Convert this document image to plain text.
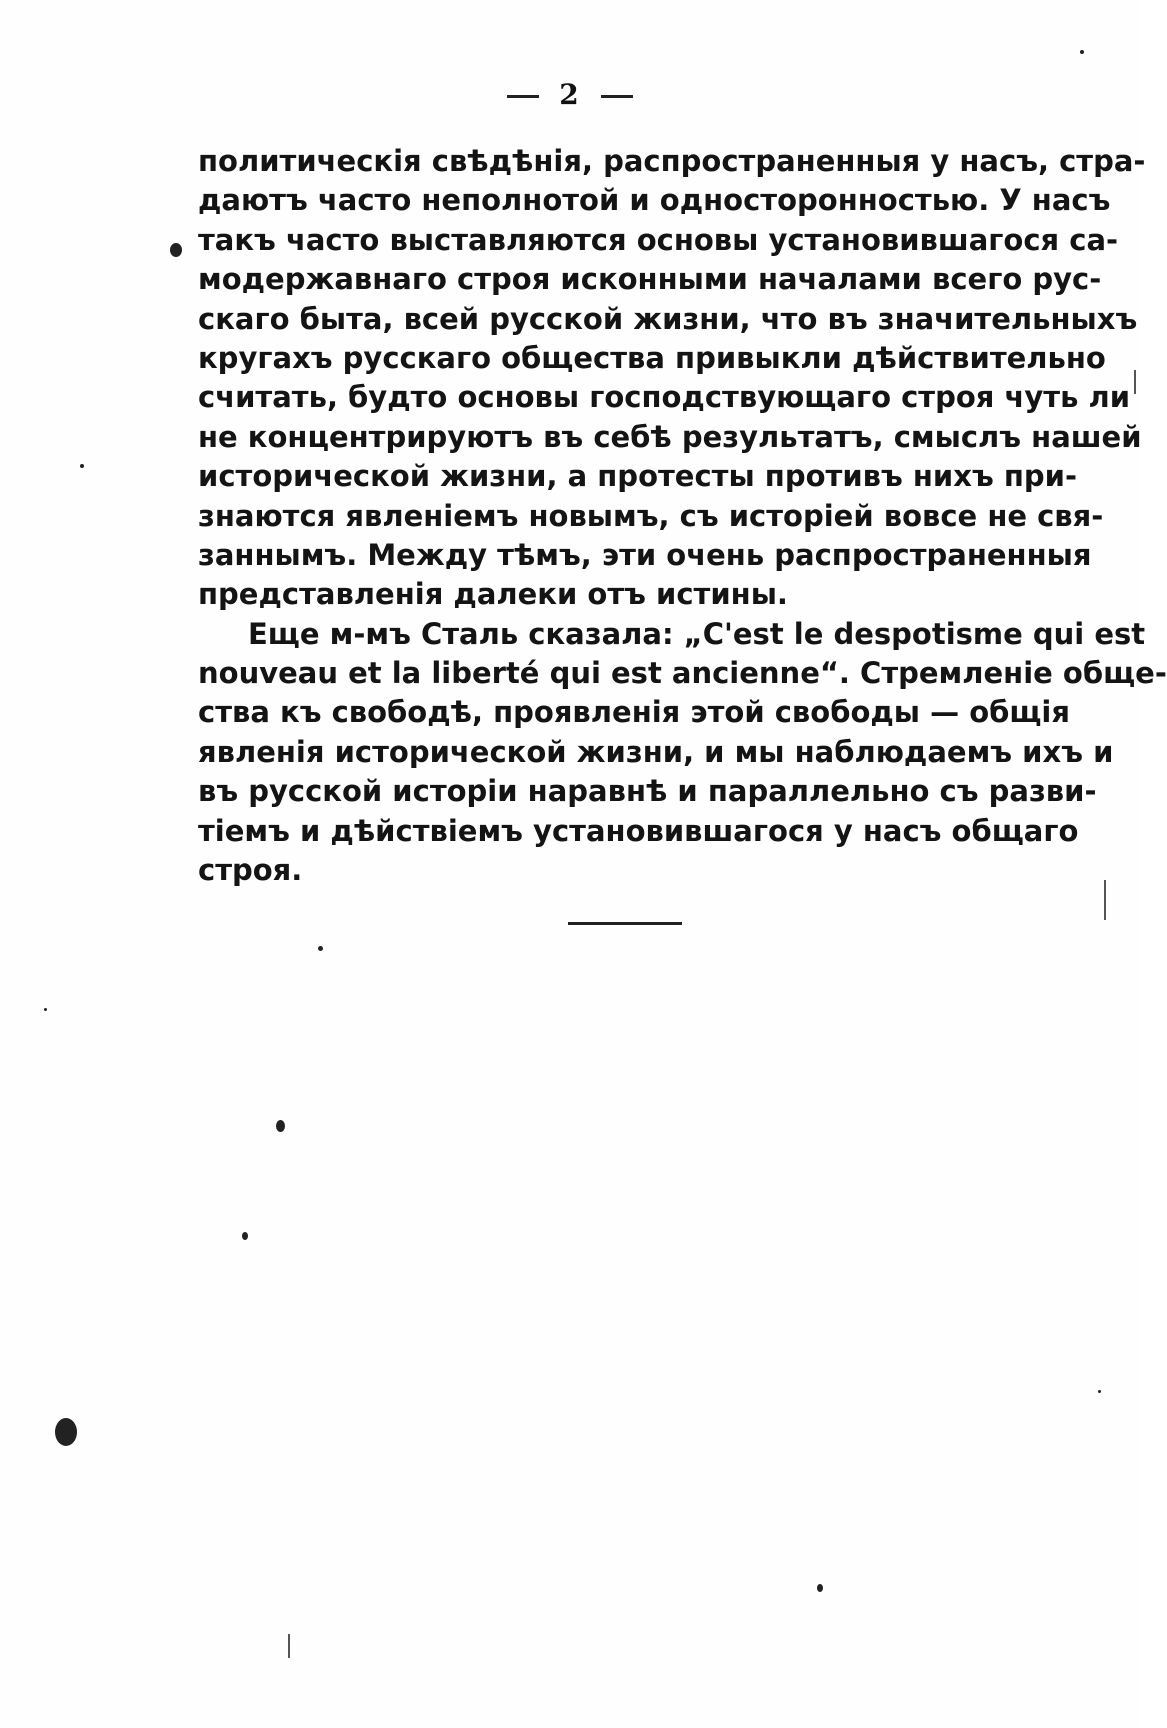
2
политическія свѣдѣнія, распространенныя у насъ, стра-
даютъ часто неполнотой и односторонностью. У насъ
такъ часто выставляются основы установившагося са-
модержавнаго строя исконными началами всего рус-
скаго быта, всей русской жизни, что въ значительныхъ
кругахъ русскаго общества привыкли дѣйствительно
считать, будто основы господствующаго строя чуть ли
не концентрируютъ въ себѣ результатъ, смыслъ нашей
исторической жизни, а протесты противъ нихъ при-
знаются явленіемъ новымъ, съ исторіей вовсе не свя-
заннымъ. Между тѣмъ, эти очень распространенныя
представленія далеки отъ истины.
Еще м-мъ Сталь сказала: „C'est le despotisme qui est
nouveau et la liberté qui est ancienne“. Стремленіе обще-
ства къ свободѣ, проявленія этой свободы — общія
явленія исторической жизни, и мы наблюдаемъ ихъ и
въ русской исторіи наравнѣ и параллельно съ разви-
тіемъ и дѣйствіемъ установившагося у насъ общаго
строя.
